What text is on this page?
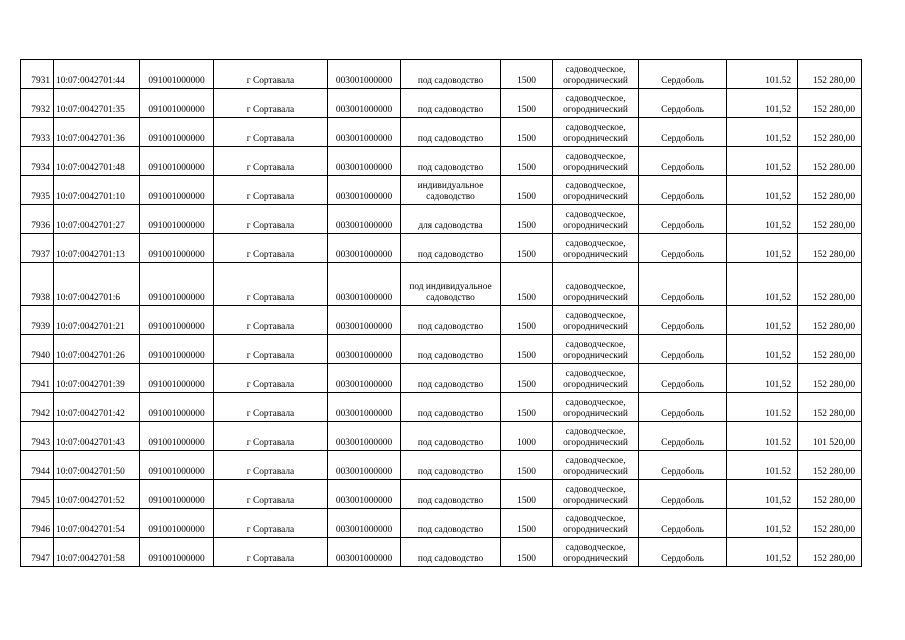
7931	10:07:0042701:44	091001000000	г Сортавала	003001000000	под садоводство	1500	садоводческое, огороднический	Сердоболь	101.52	152 280,00
7932	10:07:0042701:35	091001000000	г Сортавала	003001000000	под садоводство	1500	садоводческое, огороднический	Сердоболь	101,52	152 280,00
7933	10:07:0042701:36	091001000000	г Сортавала	003001000000	под садоводство	1500	садоводческое, огороднический	Сердоболь	101,52	152 280,00
7934	10:07:0042701:48	091001000000	г Сортавала	003001000000	под садоводство	1500	садоводческое, огороднический	Сердоболь	101,52	152 280.00
7935	10:07:0042701:10	091001000000	г Сортавала	003001000000	индивидуальное садоводство	1500	садоводческое, огороднический	Сердоболь	101,52	152 280,00
7936	10:07:0042701:27	091001000000	г Сортавала	003001000000	для садоводства	1500	садоводческое, огороднический	Сердоболь	101,52	152 280,00
7937	10:07:0042701:13	091001000000	г Сортавала	003001000000	под садоводство	1500	садоводческое, огороднический	Сердоболь	101,52	152 280,00
7938	10:07:0042701:6	091001000000	г Сортавала	003001000000	под индивидуальное садоводство	1500	садоводческое, огороднический	Сердоболь	101,52	152 280,00
7939	10:07:0042701:21	091001000000	г Сортавала	003001000000	под садоводство	1500	садоводческое, огороднический	Сердоболь	101,52	152 280,00
7940	10:07:0042701:26	091001000000	г Сортавала	003001000000	под садоводство	1500	садоводческое, огороднический	Сердоболь	101,52	152 280,00
7941	10:07:0042701:39	091001000000	г Сортавала	003001000000	под садоводство	1500	садоводческое, огороднический	Сердоболь	101,52	152 280,00
7942	10:07:0042701:42	091001000000	г Сортавала	003001000000	под садоводство	1500	садоводческое, огороднический	Сердоболь	101.52	152 280,00
7943	10:07:0042701:43	091001000000	г Сортавала	003001000000	под садоводство	1000	садоводческое, огороднический	Сердоболь	101.52	101 520,00
7944	10:07:0042701:50	091001000000	г Сортавала	003001000000	под садоводство	1500	садоводческое, огороднический	Сердоболь	101.52	152 280,00
7945	10:07:0042701:52	091001000000	г Сортавала	003001000000	под садоводство	1500	садоводческое, огороднический	Сердоболь	101,52	152 280,00
7946	10:07:0042701:54	091001000000	г Сортавала	003001000000	под садоводство	1500	садоводческое, огороднический	Сердоболь	101,52	152 280,00
7947	10:07:0042701:58	091001000000	г Сортавала	003001000000	под садоводство	1500	садоводческое, огороднический	Сердоболь	101,52	152 280,00
